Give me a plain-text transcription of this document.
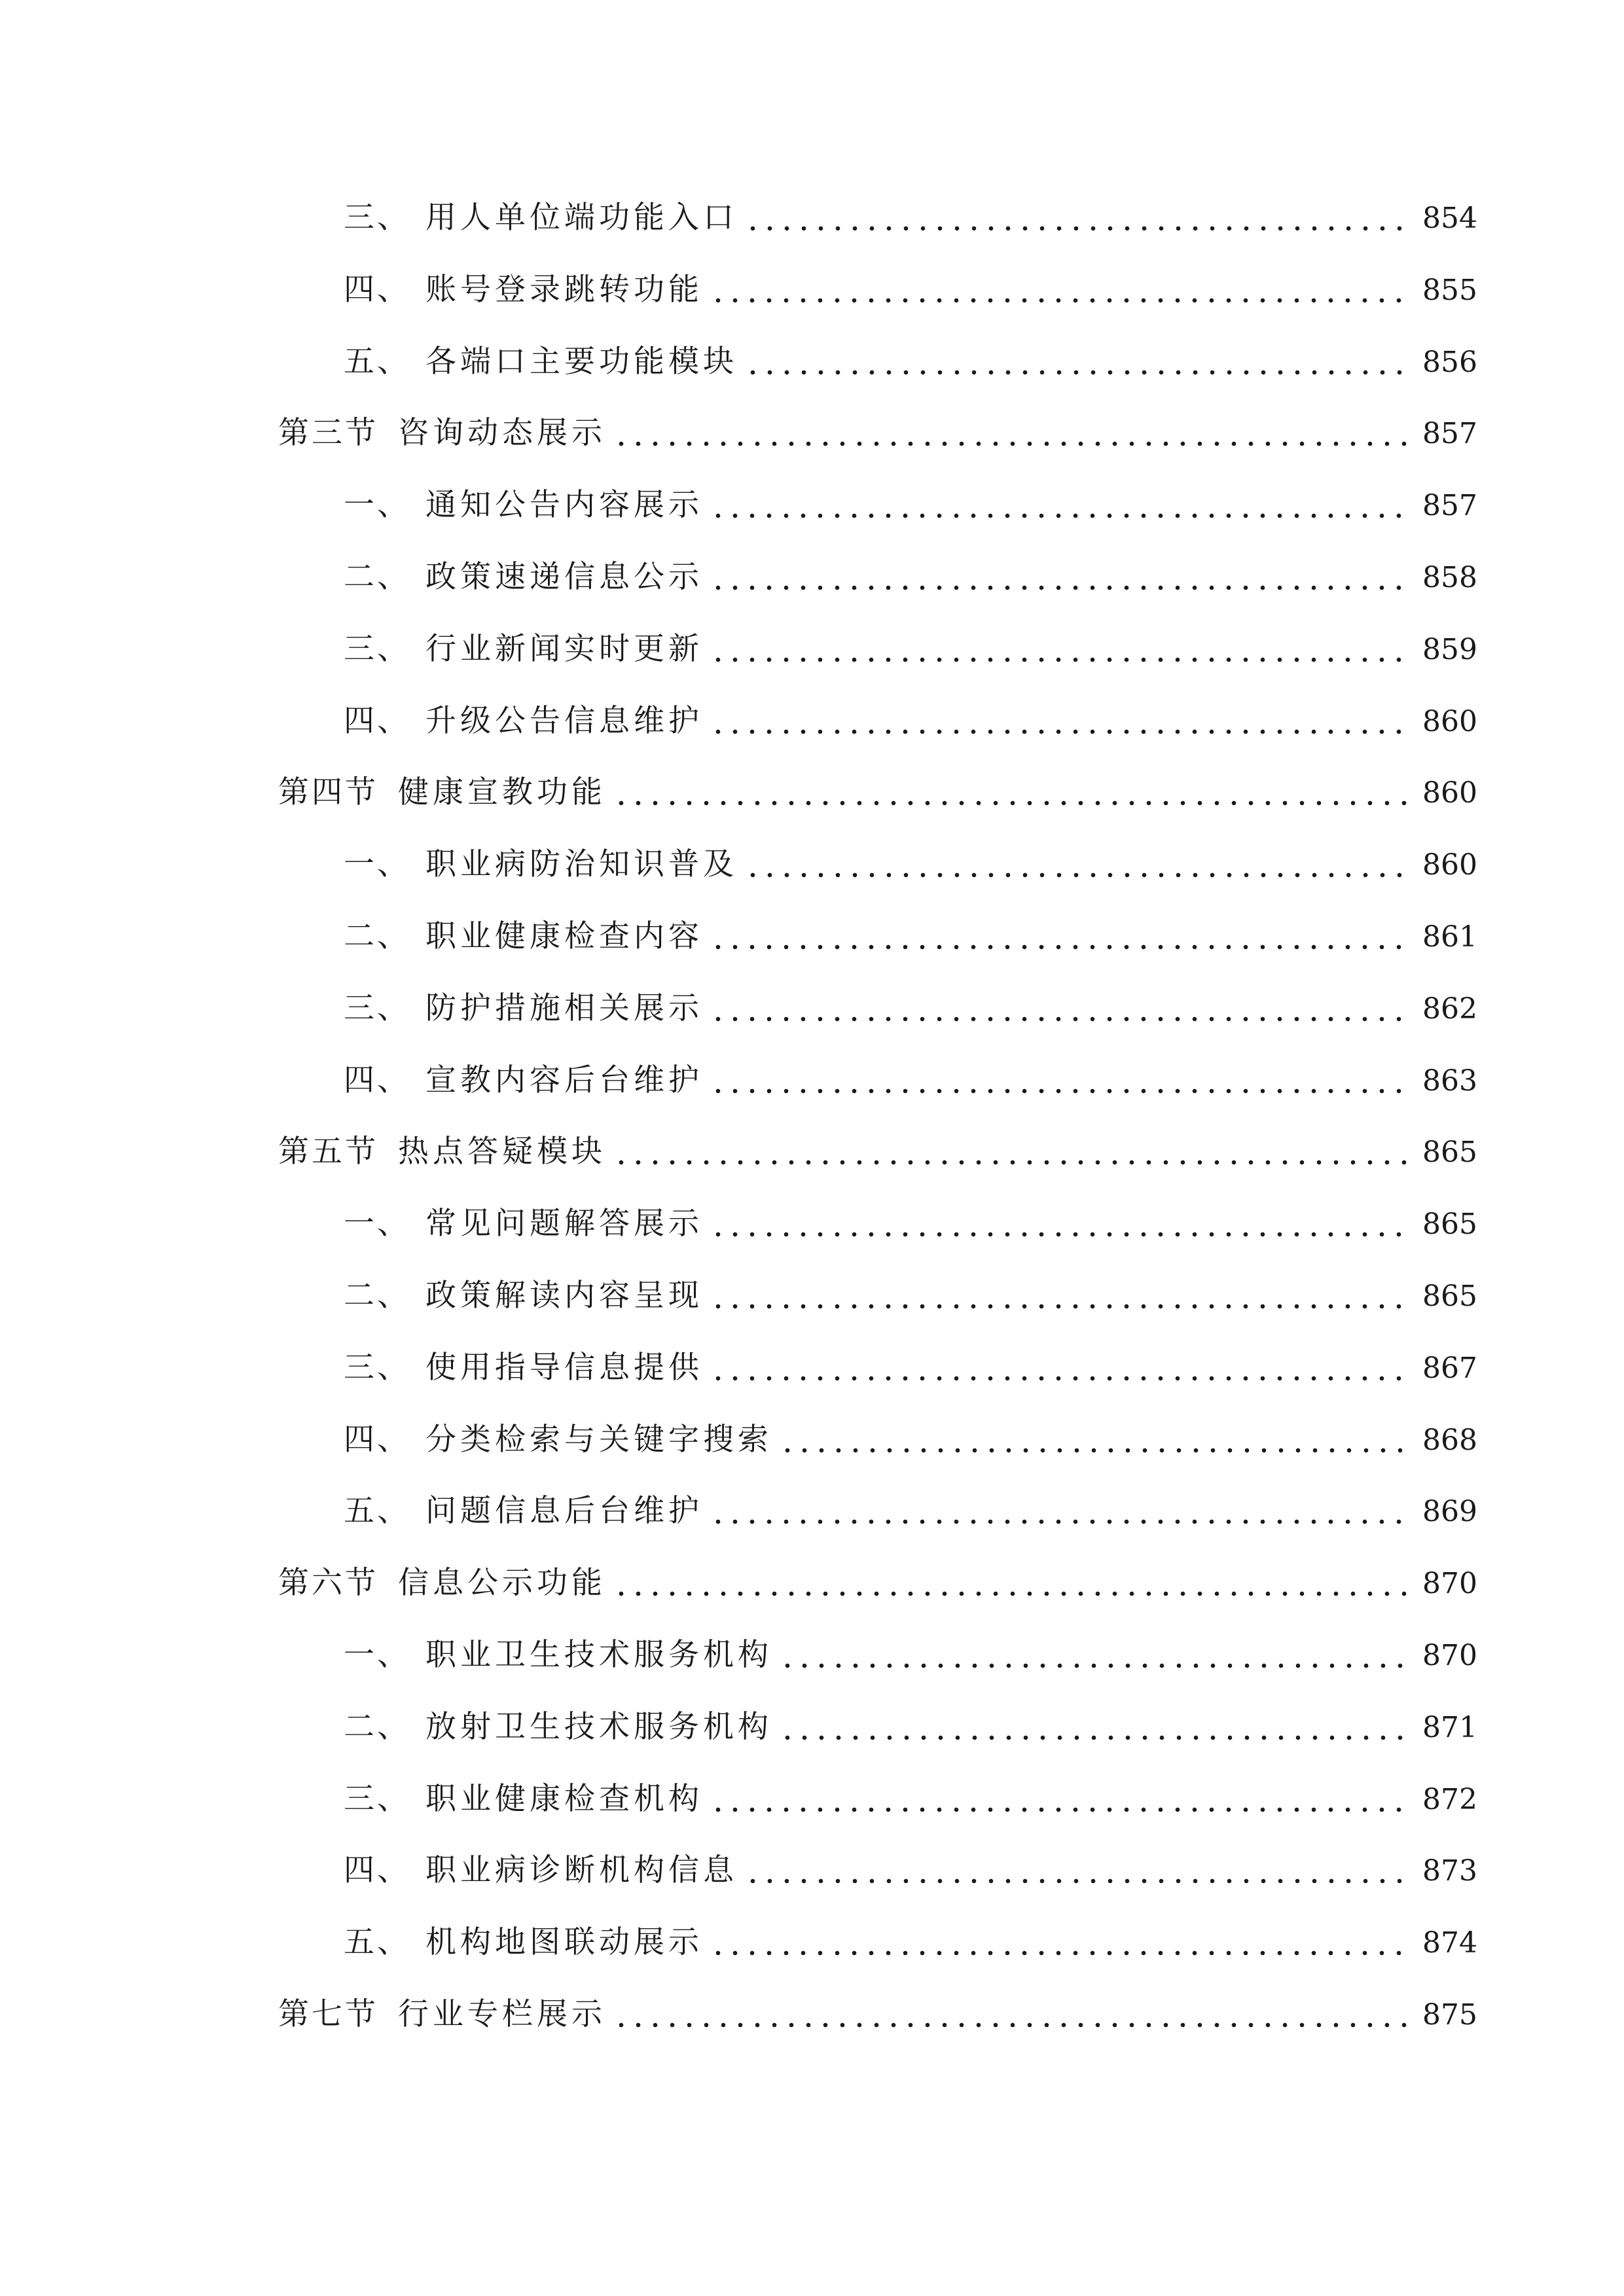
三、 用人单位端功能入口	854
四、 账号登录跳转功能	855
五、 各端口主要功能模块	856
第三节 咨询动态展示	857
一、 通知公告内容展示	857
二、 政策速递信息公示	858
三、 行业新闻实时更新	859
四、 升级公告信息维护	860
第四节 健康宣教功能	860
一、 职业病防治知识普及	860
二、 职业健康检查内容	861
三、 防护措施相关展示	862
四、 宣教内容后台维护	863
第五节 热点答疑模块	865
一、 常见问题解答展示	865
二、 政策解读内容呈现	865
三、 使用指导信息提供	867
四、 分类检索与关键字搜索	868
五、 问题信息后台维护	869
第六节 信息公示功能	870
一、 职业卫生技术服务机构	870
二、 放射卫生技术服务机构	871
三、 职业健康检查机构	872
四、 职业病诊断机构信息	873
五、 机构地图联动展示	874
第七节 行业专栏展示	875
